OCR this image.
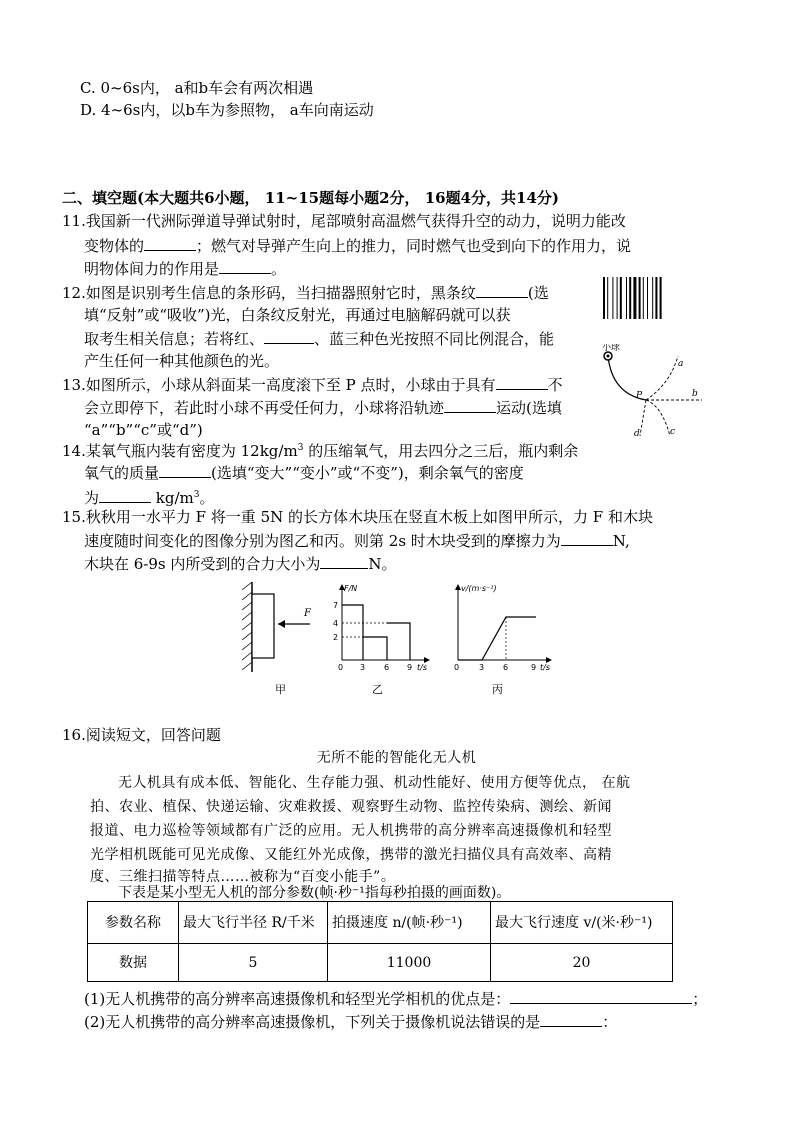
C. 0~6s内， a和b车会有两次相遇
D. 4~6s内，以b车为参照物， a车向南运动
二、填空题(本大题共6小题， 11~15题每小题2分， 16题4分，共14分)
11.我国新一代洲际弹道导弹试射时，尾部喷射高温燃气获得升空的动力，说明力能改
变物体的	；燃气对导弹产生向上的推力，同时燃气也受到向下的作用力，说
明物体间力的作用是	。
12.如图是识别考生信息的条形码，当扫描器照射它时，黑条纹	(选
填“反射”或“吸收”)光，白条纹反射光，再通过电脑解码就可以获
取考生相关信息；若将红、	、蓝三种色光按照不同比例混合，能
产生任何一种其他颜色的光。
13.如图所示，小球从斜面某一高度滚下至 P 点时，小球由于具有	不
会立即停下，若此时小球不再受任何力，小球将沿轨迹	运动(选填
“a”“b”“c”或“d”)
小球
P
a
b
c
d
14.某氧气瓶内装有密度为 $12kg/m^3$ 的压缩氧气，用去四分之三后，瓶内剩余
氧气的质量	(选填“变大”“变小”或“不变”)，剩余氧气的密度
为	$kg/m^3$。
15.秋秋用一水平力 F 将一重 5N 的长方体木块压在竖直木板上如图甲所示，力 F 和木块
速度随时间变化的图像分别为图乙和丙。则第 2s 时木块受到的摩擦力为	N,
木块在 6-9s 内所受到的合力大小为	N。
F
甲
F/N
7
4
2
0 3 6 9 t/s
乙
v/(m·s⁻¹)
0 3 6	9 t/s
丙
16.阅读短文，回答问题
无所不能的智能化无人机
无人机具有成本低、智能化、生存能力强、机动性能好、使用方便等优点， 在航
拍、农业、植保、快递运输、灾难救援、观察野生动物、监控传染病、测绘、新闻
报道、电力巡检等领域都有广泛的应用。无人机携带的高分辨率高速摄像机和轻型
光学相机既能可见光成像、又能红外光成像，携带的激光扫描仪具有高效率、高精
度、三维扫描等特点……被称为“百变小能手”。
下表是某小型无人机的部分参数(帧·秒⁻¹指每秒拍摄的画面数)。
参数名称	最大飞行半径 R/千米	拍摄速度 n/(帧·秒⁻¹)	最大飞行速度 v/(米·秒⁻¹)
数据	5	11000	20
(1)无人机携带的高分辨率高速摄像机和轻型光学相机的优点是：	；
(2)无人机携带的高分辨率高速摄像机，下列关于摄像机说法错误的是	：
